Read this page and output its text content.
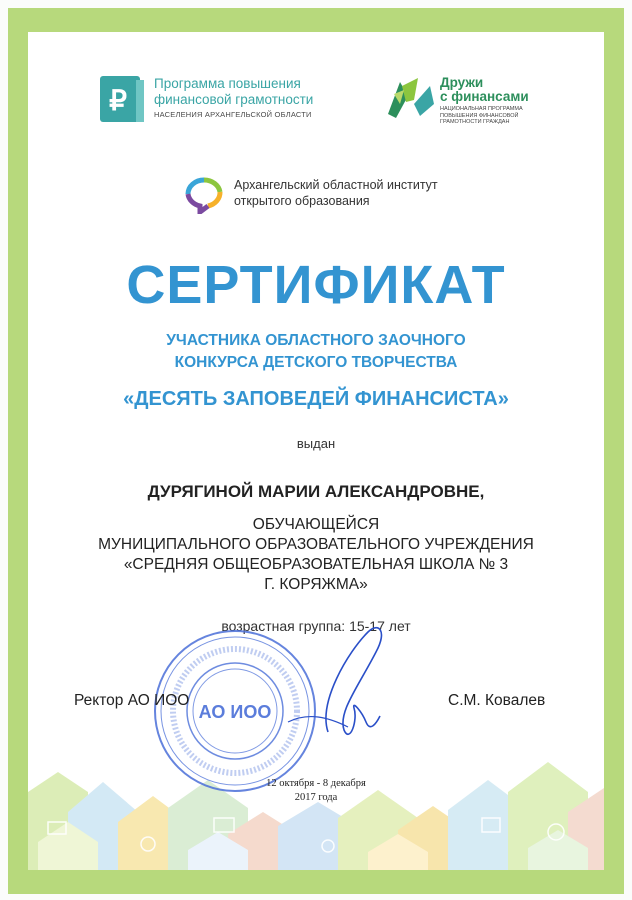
₽
Программа повышения
финансовой грамотности
НАСЕЛЕНИЯ АРХАНГЕЛЬСКОЙ ОБЛАСТИ
Дружи
с финансами
НАЦИОНАЛЬНАЯ ПРОГРАММА ПОВЫШЕНИЯ ФИНАНСОВОЙ ГРАМОТНОСТИ ГРАЖДАН
Архангельский областной институт
открытого образования
СЕРТИФИКАТ
УЧАСТНИКА ОБЛАСТНОГО ЗАОЧНОГО
КОНКУРСА ДЕТСКОГО ТВОРЧЕСТВА
«ДЕСЯТЬ ЗАПОВЕДЕЙ ФИНАНСИСТА»
выдан
ДУРЯГИНОЙ МАРИИ АЛЕКСАНДРОВНЕ,
ОБУЧАЮЩЕЙСЯ
МУНИЦИПАЛЬНОГО ОБРАЗОВАТЕЛЬНОГО УЧРЕЖДЕНИЯ
«СРЕДНЯЯ ОБЩЕОБРАЗОВАТЕЛЬНАЯ ШКОЛА № 3
Г. КОРЯЖМА»
возрастная группа: 15-17 лет
АО ИОО
Ректор АО ИОО	С.М. Ковалев
12 октября - 8 декабря
2017 года
